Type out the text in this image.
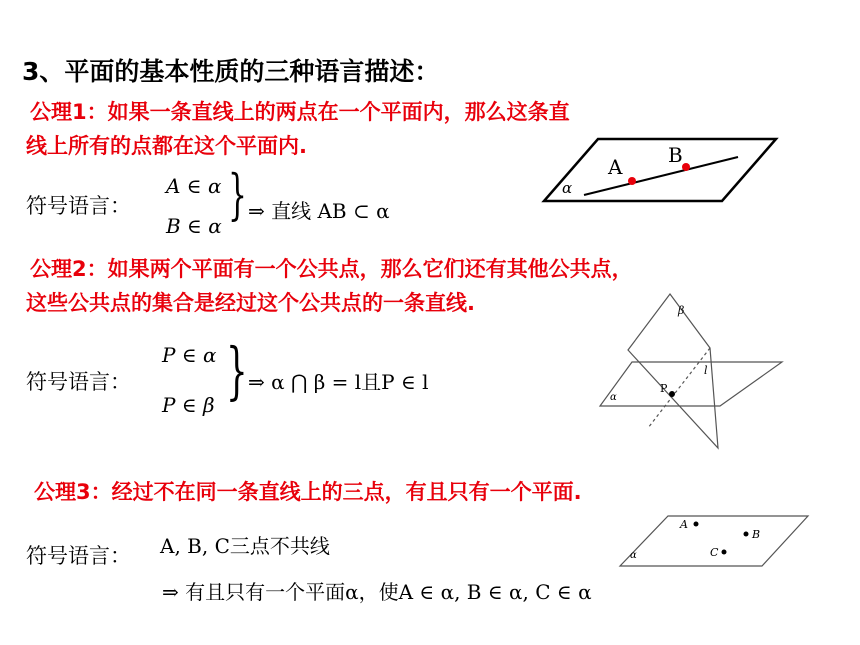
3、平面的基本性质的三种语言描述：
公理1：如果一条直线上的两点在一个平面内，那么这条直
线上所有的点都在这个平面内.
符号语言：
A ∈ α
B ∈ α } ⇒ 直线 AB ⊂ α
A B
α
公理2：如果两个平面有一个公共点，那么它们还有其他公共点，
这些公共点的集合是经过这个公共点的一条直线.
符号语言：
P ∈ α
P ∈ β } ⇒ α ⋂ β = l且P ∈ l
α
β
P
l
公理3：经过不在同一条直线上的三点，有且只有一个平面.
符号语言： A, B, C三点不共线
⇒ 有且只有一个平面α，使A ∈ α, B ∈ α, C ∈ α
A
B
C
α
